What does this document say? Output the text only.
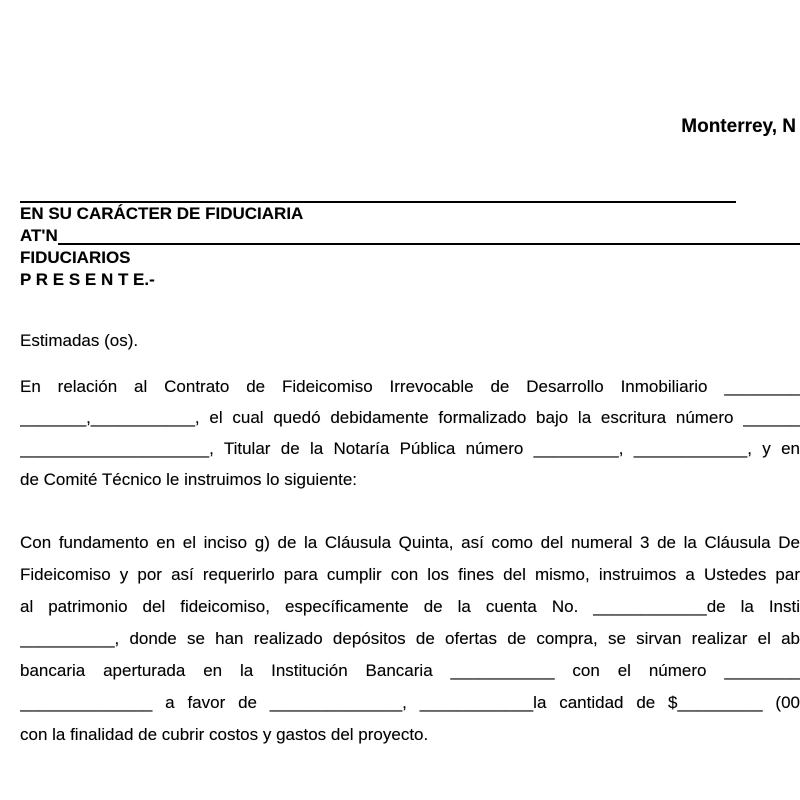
Monterrey, N
EN SU CARÁCTER DE FIDUCIARIA
AT'N
FIDUCIARIOS
P R E S E N T E.-
Estimadas (os).
En relación al Contrato de Fideicomiso Irrevocable de Desarrollo Inmobiliario ________
_______,___________, el cual quedó debidamente formalizado bajo la escritura número ______
____________________, Titular de la Notaría Pública número _________, ____________, y en
de Comité Técnico le instruimos lo siguiente:
Con fundamento en el inciso g) de la Cláusula Quinta, así como del numeral 3 de la Cláusula De
Fideicomiso y por así requerirlo para cumplir con los fines del mismo, instruimos a Ustedes par
al patrimonio del fideicomiso, específicamente de la cuenta No. ____________de la Insti
__________, donde se han realizado depósitos de ofertas de compra, se sirvan realizar el ab
bancaria aperturada en la Institución Bancaria ___________ con el número ________
______________ a favor de ______________, ____________la cantidad de $_________ (00
con la finalidad de cubrir costos y gastos del proyecto.
